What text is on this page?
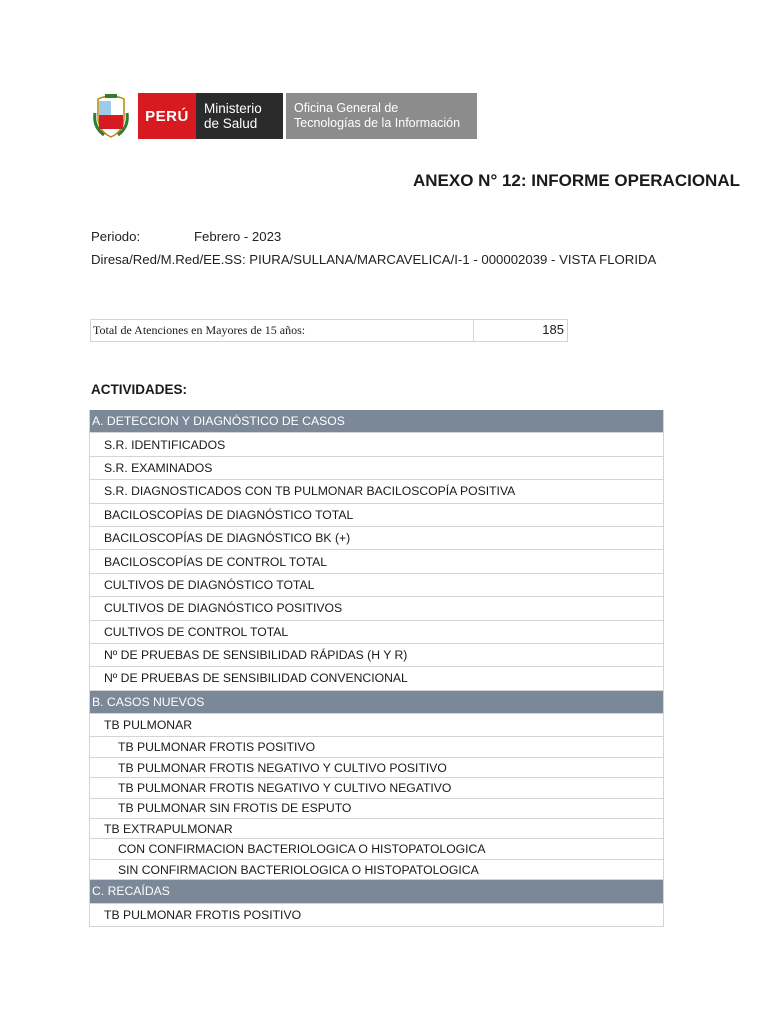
PERÚ	Ministerio
de Salud
Oficina General de
Tecnologías de la Información
ANEXO N° 12: INFORME OPERACIONAL
Periodo:	Febrero - 2023
Diresa/Red/M.Red/EE.SS: PIURA/SULLANA/MARCAVELICA/I-1 - 000002039 - VISTA FLORIDA
Total de Atenciones en Mayores de 15 años:	185
ACTIVIDADES:
A. DETECCION Y DIAGNÓSTICO DE CASOS
S.R. IDENTIFICADOS
S.R. EXAMINADOS
S.R. DIAGNOSTICADOS CON TB PULMONAR BACILOSCOPÍA POSITIVA
BACILOSCOPÍAS DE DIAGNÓSTICO TOTAL
BACILOSCOPÍAS DE DIAGNÓSTICO BK (+)
BACILOSCOPÍAS DE CONTROL TOTAL
CULTIVOS DE DIAGNÓSTICO TOTAL
CULTIVOS DE DIAGNÓSTICO POSITIVOS
CULTIVOS DE CONTROL TOTAL
Nº DE PRUEBAS DE SENSIBILIDAD RÁPIDAS (H Y R)
Nº DE PRUEBAS DE SENSIBILIDAD CONVENCIONAL
B. CASOS NUEVOS
TB PULMONAR
TB PULMONAR FROTIS POSITIVO
TB PULMONAR FROTIS NEGATIVO Y CULTIVO POSITIVO
TB PULMONAR FROTIS NEGATIVO Y CULTIVO NEGATIVO
TB PULMONAR SIN FROTIS DE ESPUTO
TB EXTRAPULMONAR
CON CONFIRMACION BACTERIOLOGICA O HISTOPATOLOGICA
SIN CONFIRMACION BACTERIOLOGICA O HISTOPATOLOGICA
C. RECAÍDAS
TB PULMONAR FROTIS POSITIVO
